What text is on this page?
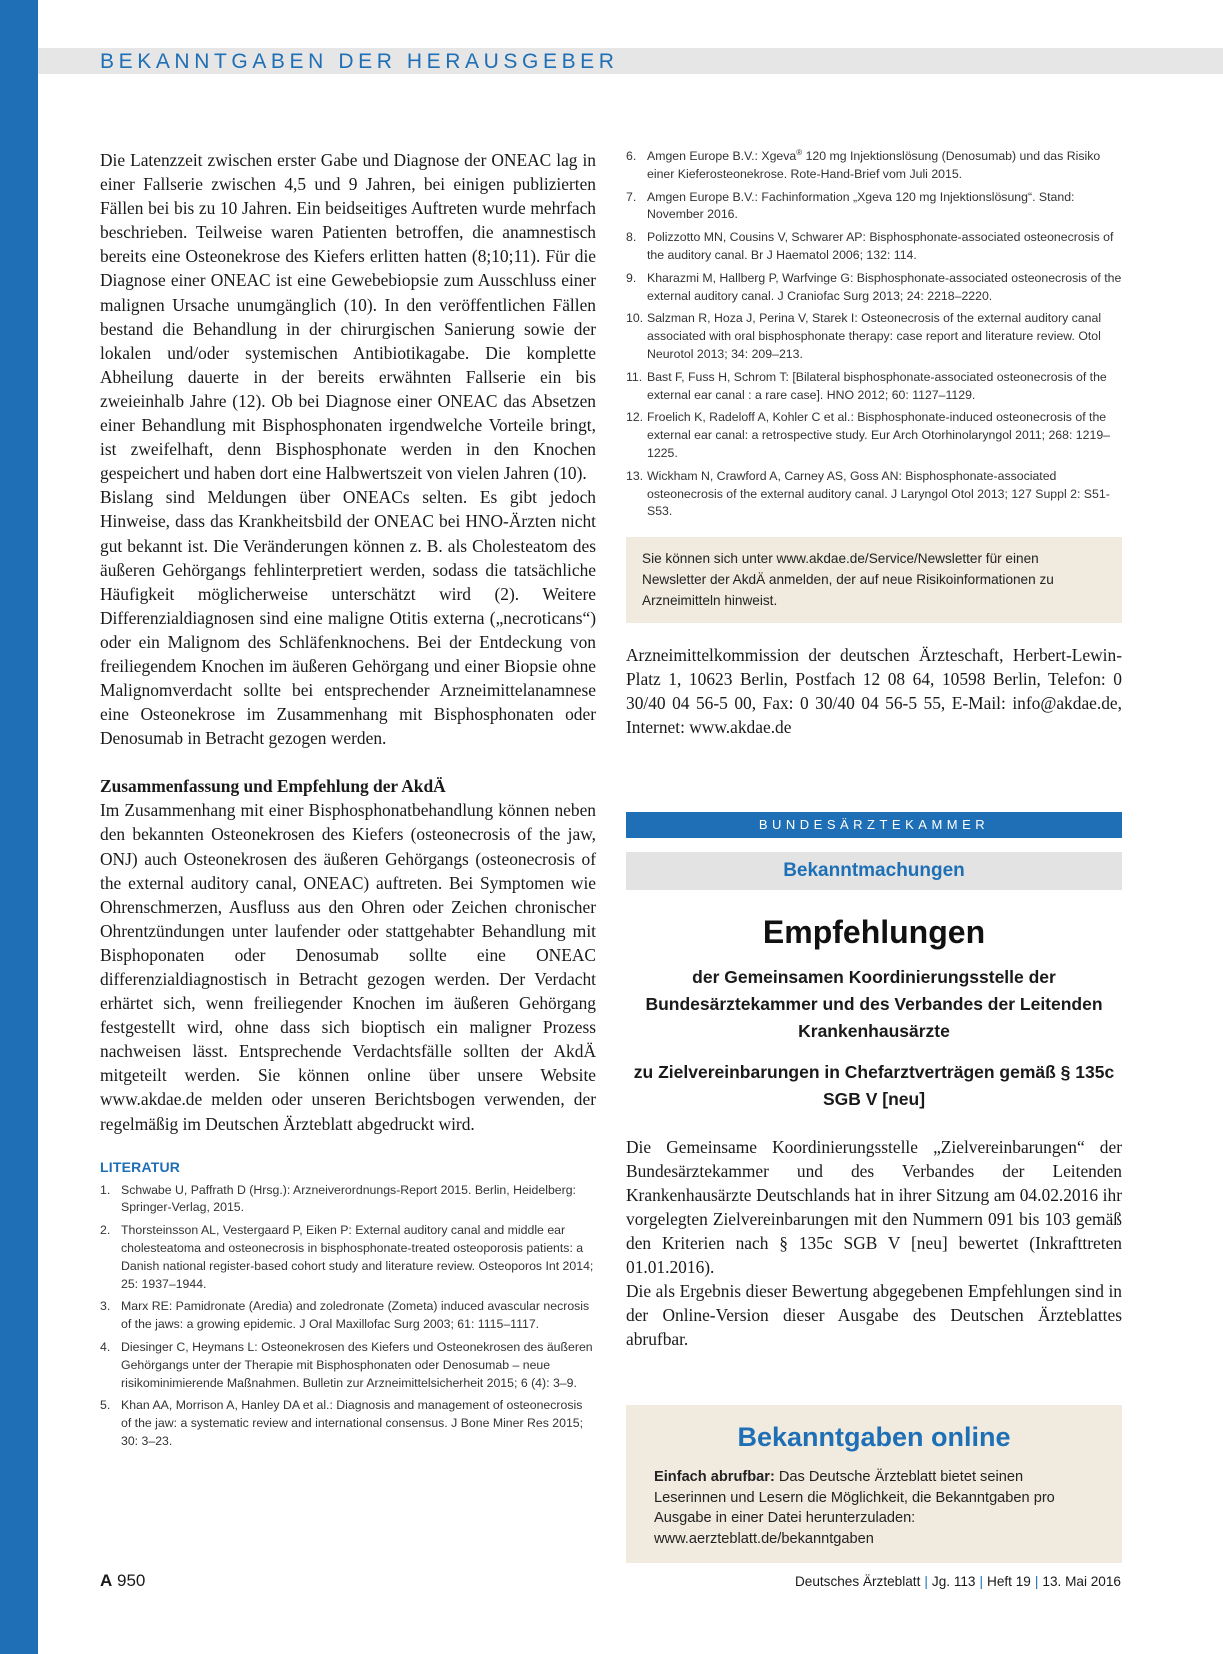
BEKANNTGABEN DER HERAUSGEBER

Die Latenzzeit zwischen erster Gabe und Diagnose der ONEAC lag in einer Fallserie zwischen 4,5 und 9 Jahren, bei einigen publizierten Fällen bei bis zu 10 Jahren. Ein beidseitiges Auftreten wurde mehrfach beschrieben. Teilweise waren Patienten betroffen, die anamnestisch bereits eine Osteonekrose des Kiefers erlitten hatten (8;10;11). Für die Diagnose einer ONEAC ist eine Gewebebiopsie zum Ausschluss einer malignen Ursache unumgänglich (10). In den veröffentlichen Fällen bestand die Behandlung in der chirurgischen Sanierung sowie der lokalen und/oder systemischen Antibiotikagabe. Die komplette Abheilung dauerte in der bereits erwähnten Fallserie ein bis zweieinhalb Jahre (12). Ob bei Diagnose einer ONEAC das Absetzen einer Behandlung mit Bisphosphonaten irgendwelche Vorteile bringt, ist zweifelhaft, denn Bisphosphonate werden in den Knochen gespeichert und haben dort eine Halbwertszeit von vielen Jahren (10).

Bislang sind Meldungen über ONEACs selten. Es gibt jedoch Hinweise, dass das Krankheitsbild der ONEAC bei HNO-Ärzten nicht gut bekannt ist. Die Veränderungen können z. B. als Cholesteatom des äußeren Gehörgangs fehlinterpretiert werden, sodass die tatsächliche Häufigkeit möglicherweise unterschätzt wird (2). Weitere Differenzialdiagnosen sind eine maligne Otitis externa („necroticans“) oder ein Malignom des Schläfenknochens. Bei der Entdeckung von freiliegendem Knochen im äußeren Gehörgang und einer Biopsie ohne Malignomverdacht sollte bei entsprechender Arzneimittelanamnese eine Osteonekrose im Zusammenhang mit Bisphosphonaten oder Denosumab in Betracht gezogen werden.

Zusammenfassung und Empfehlung der AkdÄ

Im Zusammenhang mit einer Bisphosphonatbehandlung können neben den bekannten Osteonekrosen des Kiefers (osteonecrosis of the jaw, ONJ) auch Osteonekrosen des äußeren Gehörgangs (osteonecrosis of the external auditory canal, ONEAC) auftreten. Bei Symptomen wie Ohrenschmerzen, Ausfluss aus den Ohren oder Zeichen chronischer Ohrentzündungen unter laufender oder stattgehabter Behandlung mit Bisphoponaten oder Denosumab sollte eine ONEAC differenzialdiagnostisch in Betracht gezogen werden. Der Verdacht erhärtet sich, wenn freiliegender Knochen im äußeren Gehörgang festgestellt wird, ohne dass sich bioptisch ein maligner Prozess nachweisen lässt. Entsprechende Verdachtsfälle sollten der AkdÄ mitgeteilt werden. Sie können online über unsere Website www.akdae.de melden oder unseren Berichtsbogen verwenden, der regelmäßig im Deutschen Ärzteblatt abgedruckt wird.

LITERATUR
1. Schwabe U, Paffrath D (Hrsg.): Arzneiverordnungs-Report 2015. Berlin, Heidelberg: Springer-Verlag, 2015.
2. Thorsteinsson AL, Vestergaard P, Eiken P: External auditory canal and middle ear cholesteatoma and osteonecrosis in bisphosphonate-treated osteoporosis patients: a Danish national register-based cohort study and literature review. Osteoporos Int 2014; 25: 1937–1944.
3. Marx RE: Pamidronate (Aredia) and zoledronate (Zometa) induced avascular necrosis of the jaws: a growing epidemic. J Oral Maxillofac Surg 2003; 61: 1115–1117.
4. Diesinger C, Heymans L: Osteonekrosen des Kiefers und Osteonekrosen des äußeren Gehörgangs unter der Therapie mit Bisphosphonaten oder Denosumab – neue risikominimierende Maßnahmen. Bulletin zur Arzneimittelsicherheit 2015; 6 (4): 3–9.
5. Khan AA, Morrison A, Hanley DA et al.: Diagnosis and management of osteonecrosis of the jaw: a systematic review and international consensus. J Bone Miner Res 2015; 30: 3–23.
6. Amgen Europe B.V.: Xgeva® 120 mg Injektionslösung (Denosumab) und das Risiko einer Kieferosteonekrose. Rote-Hand-Brief vom Juli 2015.
7. Amgen Europe B.V.: Fachinformation „Xgeva 120 mg Injektionslösung“. Stand: November 2016.
8. Polizzotto MN, Cousins V, Schwarer AP: Bisphosphonate-associated osteonecrosis of the auditory canal. Br J Haematol 2006; 132: 114.
9. Kharazmi M, Hallberg P, Warfvinge G: Bisphosphonate-associated osteonecrosis of the external auditory canal. J Craniofac Surg 2013; 24: 2218–2220.
10. Salzman R, Hoza J, Perina V, Starek I: Osteonecrosis of the external auditory canal associated with oral bisphosphonate therapy: case report and literature review. Otol Neurotol 2013; 34: 209–213.
11. Bast F, Fuss H, Schrom T: [Bilateral bisphosphonate-associated osteonecrosis of the external ear canal : a rare case]. HNO 2012; 60: 1127–1129.
12. Froelich K, Radeloff A, Kohler C et al.: Bisphosphonate-induced osteonecrosis of the external ear canal: a retrospective study. Eur Arch Otorhinolaryngol 2011; 268: 1219–1225.
13. Wickham N, Crawford A, Carney AS, Goss AN: Bisphosphonate-associated osteonecrosis of the external auditory canal. J Laryngol Otol 2013; 127 Suppl 2: S51-S53.
Sie können sich unter www.akdae.de/Service/Newsletter für einen Newsletter der AkdÄ anmelden, der auf neue Risikoinformationen zu Arzneimitteln hinweist.

Arzneimittelkommission der deutschen Ärzteschaft, Herbert-Lewin-Platz 1, 10623 Berlin, Postfach 12 08 64, 10598 Berlin, Telefon: 0 30/40 04 56-5 00, Fax: 0 30/40 04 56-5 55, E-Mail: info@akdae.de, Internet: www.akdae.de

BUNDESÄRZTEKAMMER
Bekanntmachungen
Empfehlungen

der Gemeinsamen Koordinierungsstelle der Bundesärztekammer und des Verbandes der Leitenden Krankenhausärzte

zu Zielvereinbarungen in Chefarztverträgen gemäß § 135c SGB V [neu]

Die Gemeinsame Koordinierungsstelle „Zielvereinbarungen“ der Bundesärztekammer und des Verbandes der Leitenden Krankenhausärzte Deutschlands hat in ihrer Sitzung am 04.02.2016 ihr vorgelegten Zielvereinbarungen mit den Nummern 091 bis 103 gemäß den Kriterien nach § 135c SGB V [neu] bewertet (Inkrafttreten 01.01.2016).

Die als Ergebnis dieser Bewertung abgegebenen Empfehlungen sind in der Online-Version dieser Ausgabe des Deutschen Ärzteblattes abrufbar.

Bekanntgaben online

Einfach abrufbar: Das Deutsche Ärzteblatt bietet seinen Leserinnen und Lesern die Möglichkeit, die Bekanntgaben pro Ausgabe in einer Datei herunterzuladen: www.aerzteblatt.de/bekanntgaben

A 950	Deutsches Ärzteblatt | Jg. 113 | Heft 19 | 13. Mai 2016
